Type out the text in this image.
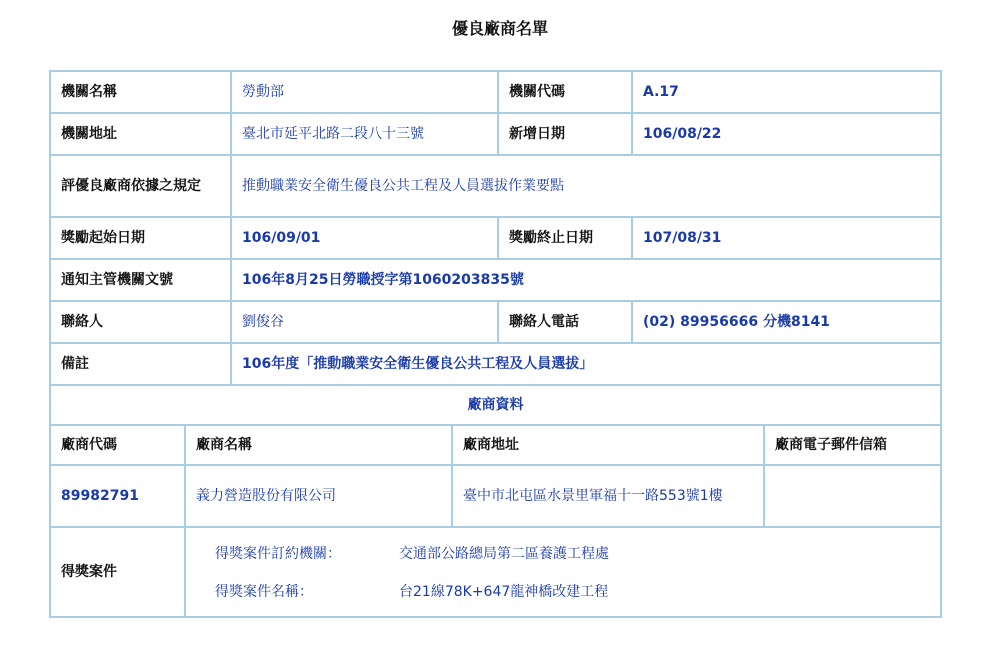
優良廠商名單
機關名稱	勞動部	機關代碼	A.17
機關地址	臺北市延平北路二段八十三號	新增日期	106/08/22
評優良廠商依據之規定	推動職業安全衛生優良公共工程及人員選拔作業要點
獎勵起始日期	106/09/01	獎勵終止日期	107/08/31
通知主管機關文號	106年8月25日勞職授字第1060203835號
聯絡人	劉俊谷	聯絡人電話	(02) 89956666 分機8141
備註	106年度「推動職業安全衛生優良公共工程及人員選拔」
廠商資料
廠商代碼	廠商名稱	廠商地址	廠商電子郵件信箱
89982791	義力營造股份有限公司	臺中市北屯區水景里軍福十一路553號1樓
得獎案件
得獎案件訂約機關：	交通部公路總局第二區養護工程處
得獎案件名稱：	台21線78K+647龍神橋改建工程
